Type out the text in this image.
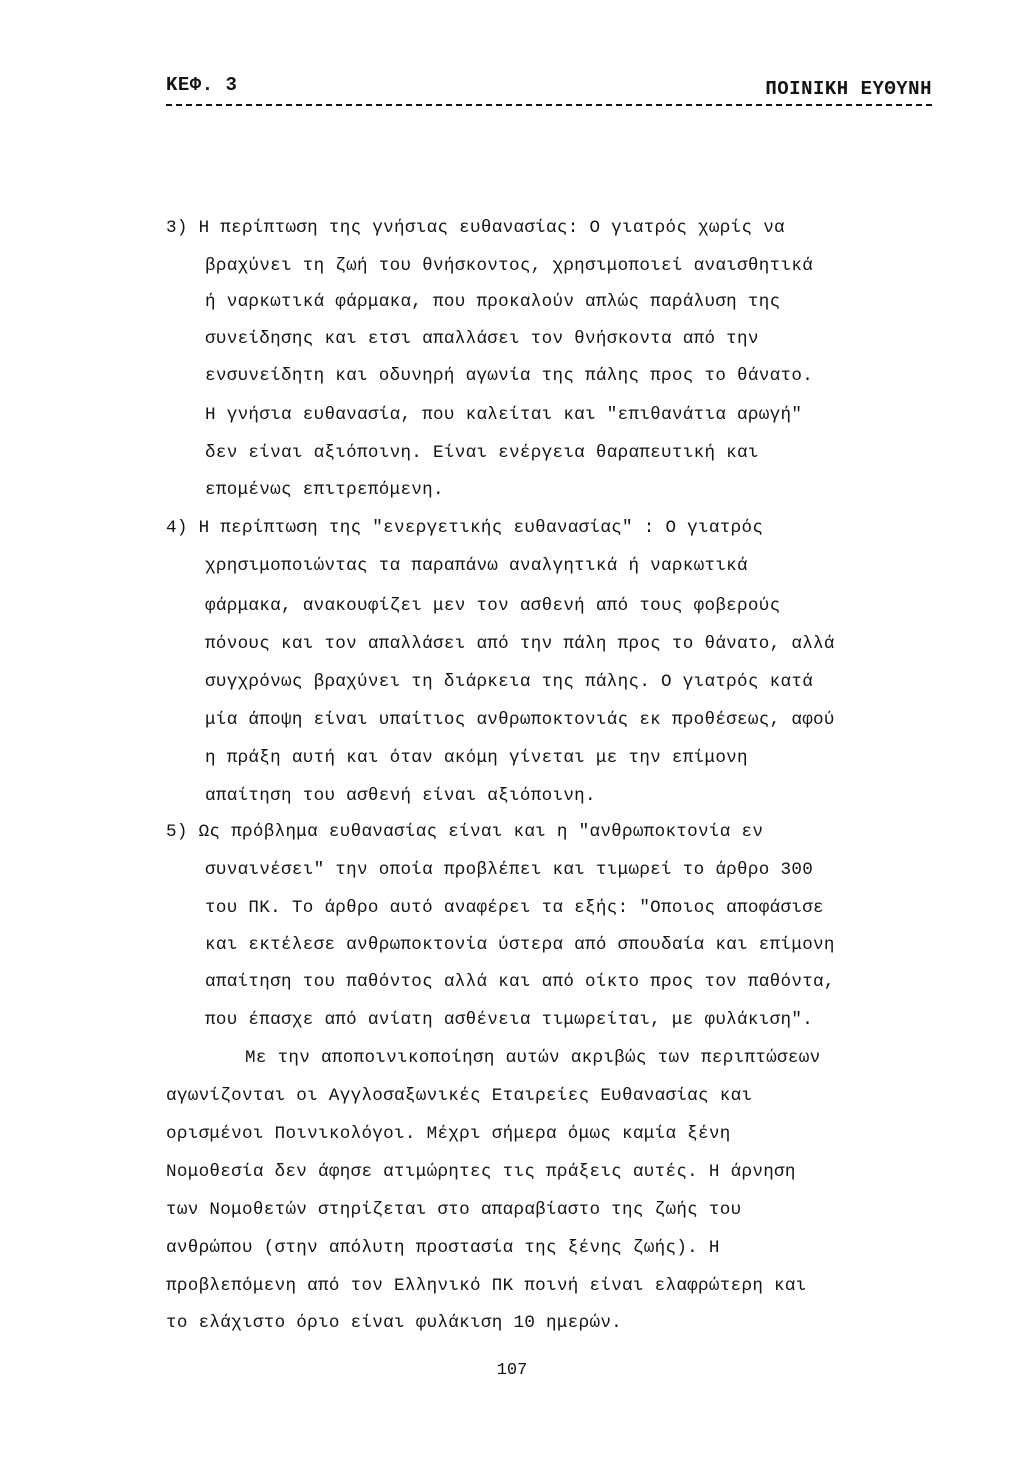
ΚΕΦ. 3	ΠΟΙΝΙΚΗ ΕΥΘΥΝΗ

3) Η περίπτωση της γνήσιας ευθανασίας: Ο γιατρός χωρίς να

βραχύνει τη ζωή του θνήσκοντος, χρησιμοποιεί αναισθητικά

ή ναρκωτικά φάρμακα, που προκαλούν απλώς παράλυση της

συνείδησης και ετσι απαλλάσει τον θνήσκοντα από την

ενσυνείδητη και οδυνηρή αγωνία της πάλης προς το θάνατο.

Η γνήσια ευθανασία, που καλείται και "επιθανάτια αρωγή"

δεν είναι αξιόποινη. Είναι ενέργεια θαραπευτική και

επομένως επιτρεπόμενη.

4) Η περίπτωση της "ενεργετικής ευθανασίας" : Ο γιατρός

χρησιμοποιώντας τα παραπάνω αναλγητικά ή ναρκωτικά

φάρμακα, ανακουφίζει μεν τον ασθενή από τους φοβερούς

πόνους και τον απαλλάσει από την πάλη προς το θάνατο, αλλά

συγχρόνως βραχύνει τη διάρκεια της πάλης. Ο γιατρός κατά

μία άποψη είναι υπαίτιος ανθρωποκτονιάς εκ προθέσεως, αφού

η πράξη αυτή και όταν ακόμη γίνεται με την επίμονη

απαίτηση του ασθενή είναι αξιόποινη.

5) Ως πρόβλημα ευθανασίας είναι και η "ανθρωποκτονία εν

συναινέσει" την οποία προβλέπει και τιμωρεί το άρθρο 300

του ΠΚ. Το άρθρο αυτό αναφέρει τα εξής: "Οποιος αποφάσισε

και εκτέλεσε ανθρωποκτονία ύστερα από σπουδαία και επίμονη

απαίτηση του παθόντος αλλά και από οίκτο προς τον παθόντα,

που έπασχε από ανίατη ασθένεια τιμωρείται, με φυλάκιση".

Με την αποποινικοποίηση αυτών ακριβώς των περιπτώσεων

αγωνίζονται οι Αγγλοσαξωνικές Εταιρείες Ευθανασίας και

ορισμένοι Ποινικολόγοι. Μέχρι σήμερα όμως καμία ξένη

Νομοθεσία δεν άφησε ατιμώρητες τις πράξεις αυτές. Η άρνηση

των Νομοθετών στηρίζεται στο απαραβίαστο της ζωής του

ανθρώπου (στην απόλυτη προστασία της ξένης ζωής). Η

προβλεπόμενη από τον Ελληνικό ΠΚ ποινή είναι ελαφρώτερη και

το ελάχιστο όριο είναι φυλάκιση 10 ημερών.

107
